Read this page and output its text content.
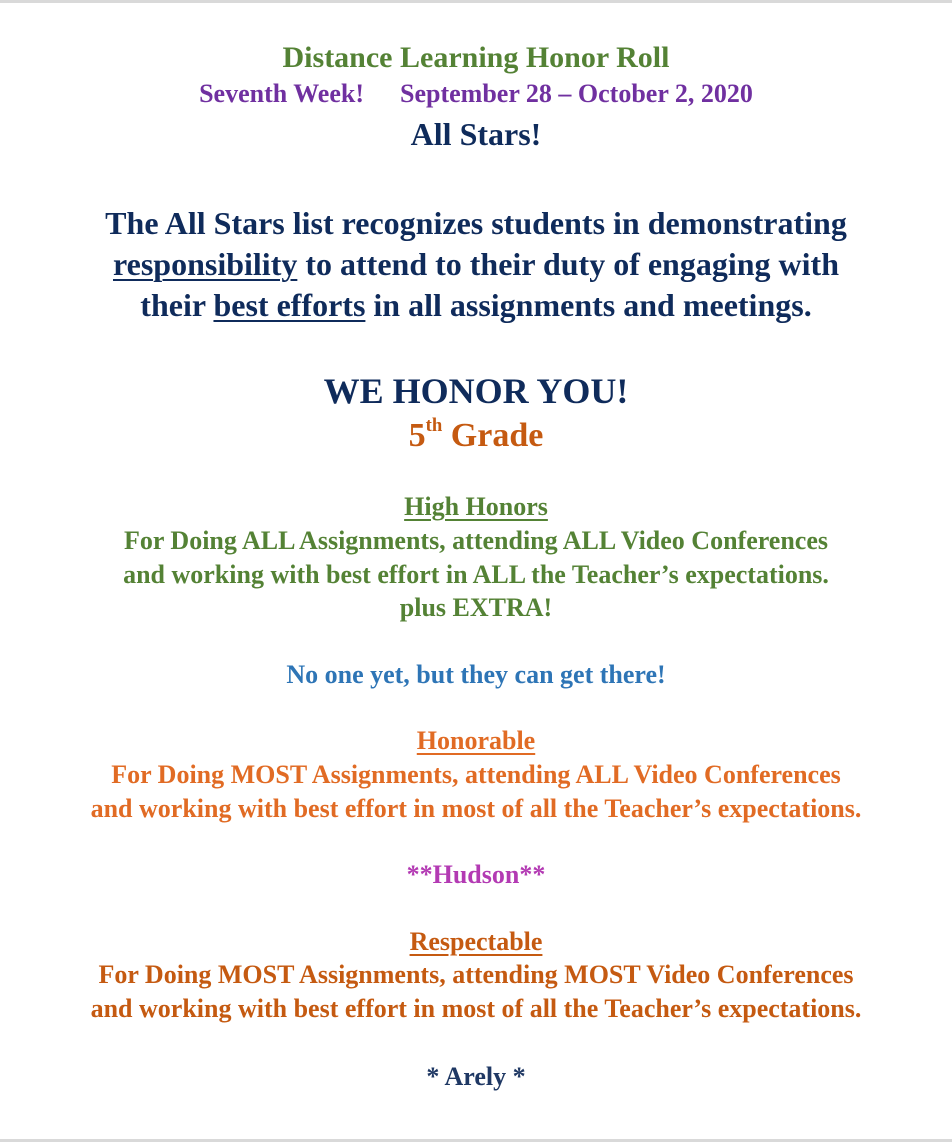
Distance Learning Honor Roll

Seventh Week! September 28 – October 2, 2020

All Stars!

The All Stars list recognizes students in demonstrating

responsibility to attend to their duty of engaging with

their best efforts in all assignments and meetings.

WE HONOR YOU!

5th Grade

High Honors

For Doing ALL Assignments, attending ALL Video Conferences

and working with best effort in ALL the Teacher’s expectations.

plus EXTRA!

No one yet, but they can get there!

Honorable

For Doing MOST Assignments, attending ALL Video Conferences

and working with best effort in most of all the Teacher’s expectations.

**Hudson**

Respectable

For Doing MOST Assignments, attending MOST Video Conferences

and working with best effort in most of all the Teacher’s expectations.

* Arely *
